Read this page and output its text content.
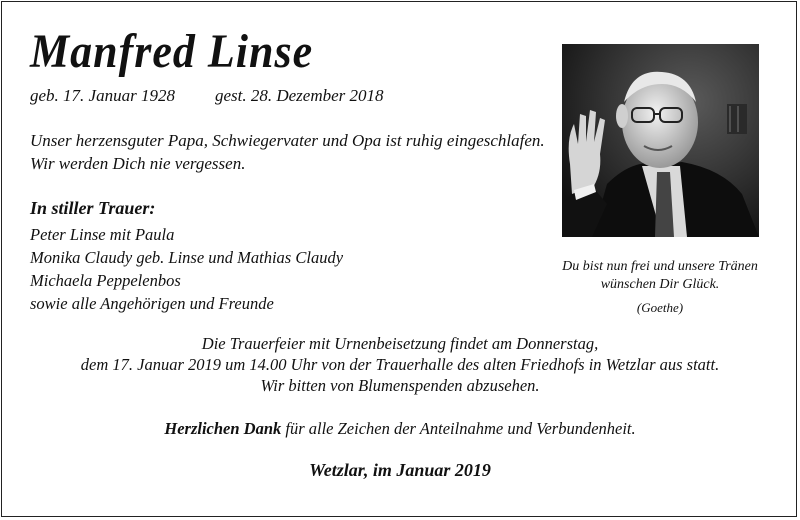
Manfred Linse
geb. 17. Januar 1928 gest. 28. Dezember 2018
Unser herzensguter Papa, Schwiegervater und Opa ist ruhig eingeschlafen.
Wir werden Dich nie vergessen.
In stiller Trauer:
Peter Linse mit Paula
Monika Claudy geb. Linse und Mathias Claudy
Michaela Peppelenbos
sowie alle Angehörigen und Freunde
Du bist nun frei und unsere Tränen
wünschen Dir Glück.
(Goethe)
Die Trauerfeier mit Urnenbeisetzung findet am Donnerstag,
dem 17. Januar 2019 um 14.00 Uhr von der Trauerhalle des alten Friedhofs in Wetzlar aus statt.
Wir bitten von Blumenspenden abzusehen.
Herzlichen Dank für alle Zeichen der Anteilnahme und Verbundenheit.
Wetzlar, im Januar 2019
